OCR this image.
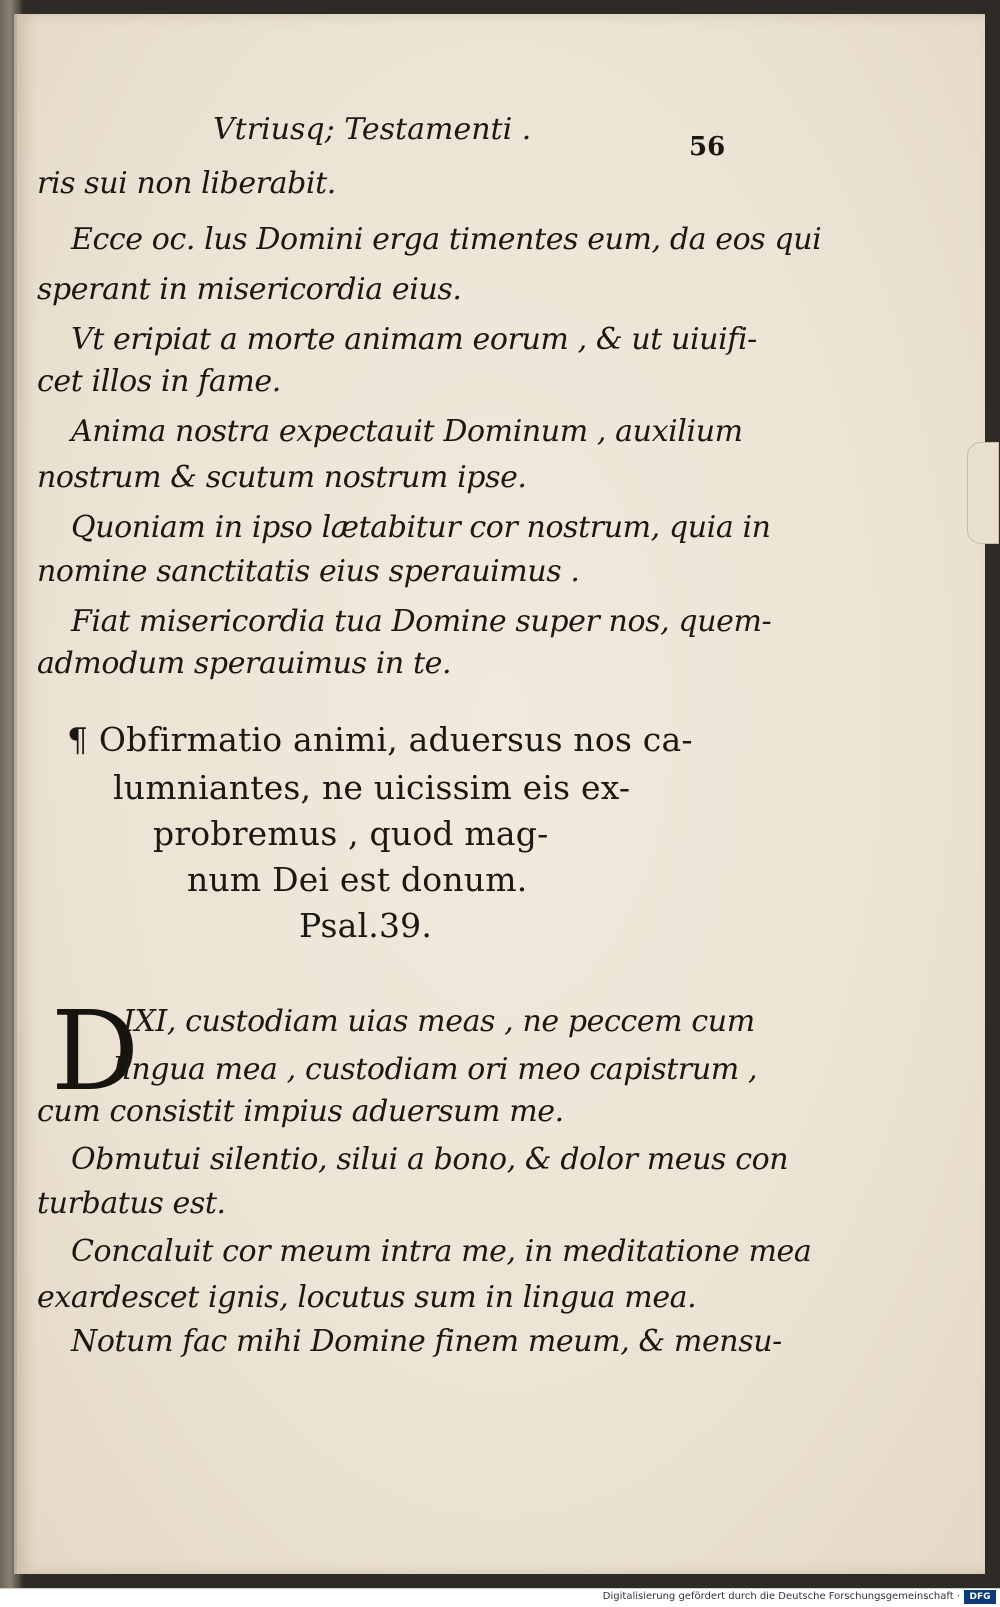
Vtriusq; Testamenti .	56
ris sui non liberabit.
Ecce oc. lus Domini erga timentes eum, da eos qui
sperant in misericordia eius.
Vt eripiat a morte animam eorum , & ut uiuifi-
cet illos in fame.
Anima nostra expectauit Dominum , auxilium
nostrum & scutum nostrum ipse.
Quoniam in ipso lætabitur cor nostrum, quia in
nomine sanctitatis eius sperauimus .
Fiat misericordia tua Domine super nos, quem-
admodum sperauimus in te.
¶ Obfirmatio animi, aduersus nos ca-
lumniantes, ne uicissim eis ex-
probremus , quod mag-
num Dei est donum.
Psal.39.
D
IXI, custodiam uias meas , ne peccem cum
lingua mea , custodiam ori meo capistrum ,
cum consistit impius aduersum me.
Obmutui silentio, silui a bono, & dolor meus con
turbatus est.
Concaluit cor meum intra me, in meditatione mea
exardescet ignis, locutus sum in lingua mea.
Notum fac mihi Domine finem meum, & mensu-
Digitalisierung gefördert durch die Deutsche Forschungsgemeinschaft ·	DFG
